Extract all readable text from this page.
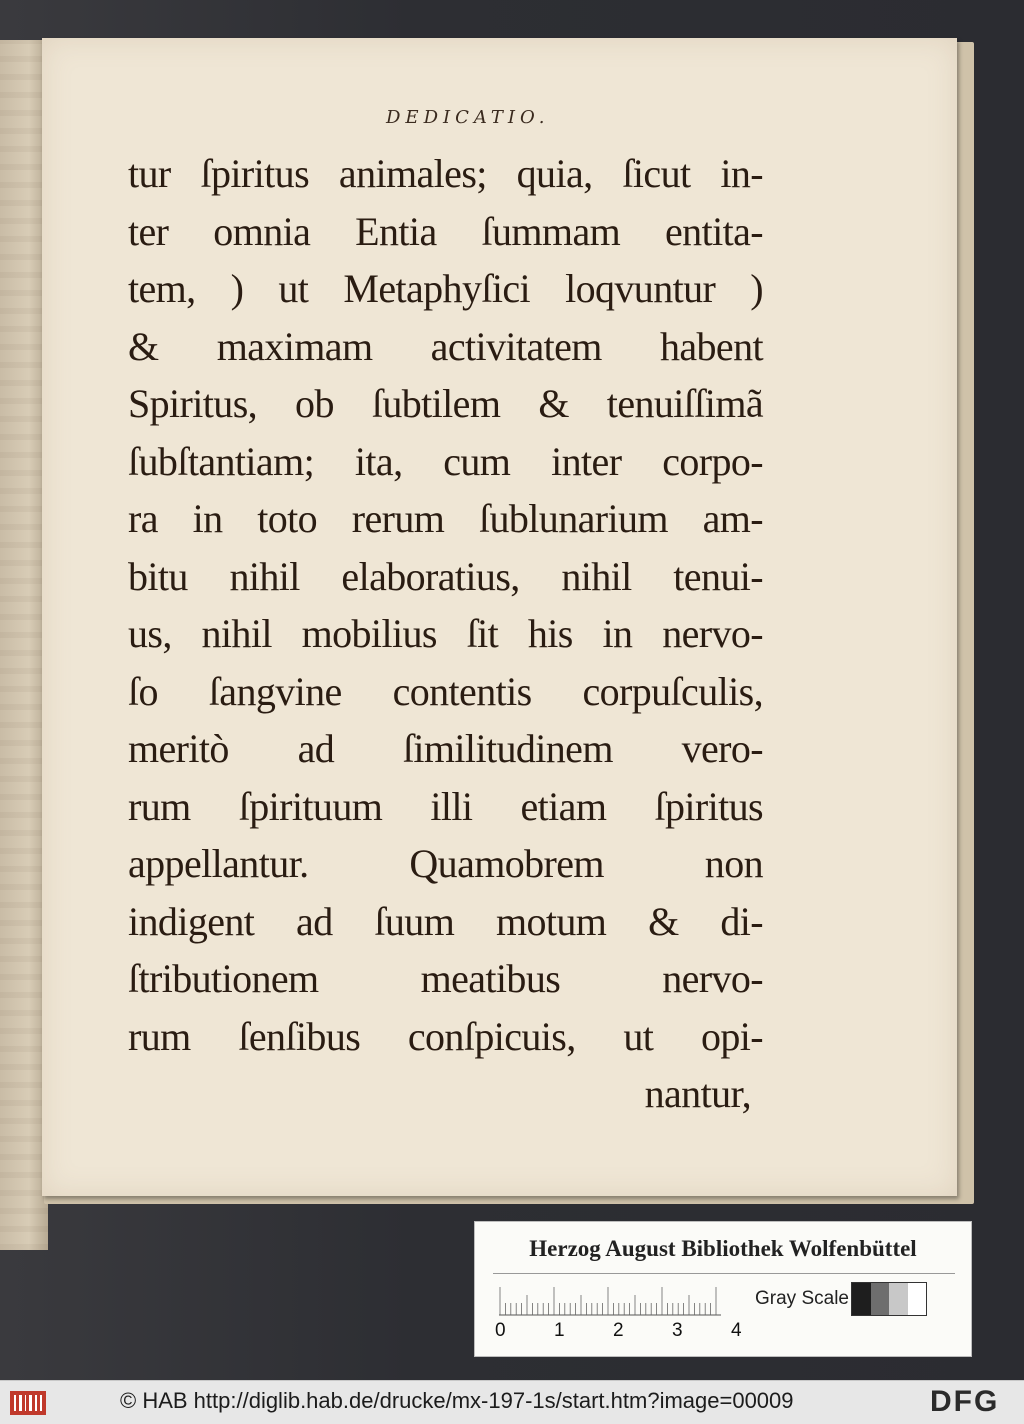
DEDICATIO.
tur ſpiritus animales; quia, ſicut in-
ter omnia Entia ſummam entita-
tem, ) ut Metaphyſici loqvuntur )
& maximam activitatem habent
Spiritus, ob ſubtilem & tenuiſſimã
ſubſtantiam; ita, cum inter corpo-
ra in toto rerum ſublunarium am-
bitu nihil elaboratius, nihil tenui-
us, nihil mobilius ſit his in nervo-
ſo ſangvine contentis corpuſculis,
meritò ad ſimilitudinem vero-
rum ſpirituum illi etiam ſpiritus
appellantur. Quamobrem non
indigent ad ſuum motum & di-
ſtributionem meatibus nervo-
rum ſenſibus conſpicuis, ut opi-
nantur,
Herzog August Bibliothek Wolfenbüttel
0	1	2	3	4
Gray Scale
© HAB http://diglib.hab.de/drucke/mx-197-1s/start.htm?image=00009	DFG
